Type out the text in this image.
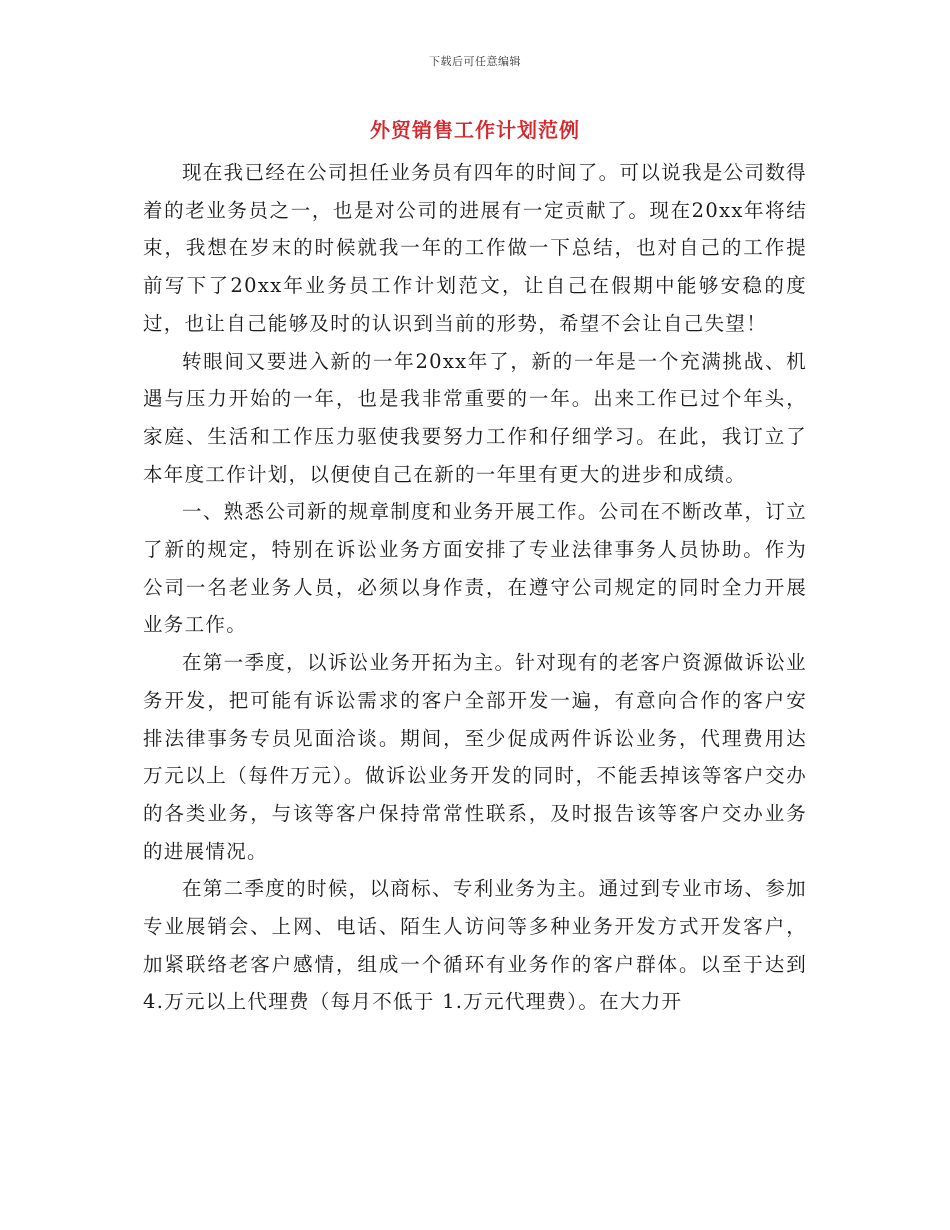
下载后可任意编辑
外贸销售工作计划范例

现在我已经在公司担任业务员有四年的时间了。可以说我是公司数得着的老业务员之一，也是对公司的进展有一定贡献了。现在20xx年将结束，我想在岁末的时候就我一年的工作做一下总结，也对自己的工作提前写下了20xx年业务员工作计划范文，让自己在假期中能够安稳的度过，也让自己能够及时的认识到当前的形势，希望不会让自己失望！

转眼间又要进入新的一年20xx年了，新的一年是一个充满挑战、机遇与压力开始的一年，也是我非常重要的一年。出来工作已过个年头，家庭、生活和工作压力驱使我要努力工作和仔细学习。在此，我订立了本年度工作计划，以便使自己在新的一年里有更大的进步和成绩。

一、熟悉公司新的规章制度和业务开展工作。公司在不断改革，订立了新的规定，特别在诉讼业务方面安排了专业法律事务人员协助。作为公司一名老业务人员，必须以身作责，在遵守公司规定的同时全力开展业务工作。

在第一季度，以诉讼业务开拓为主。针对现有的老客户资源做诉讼业务开发，把可能有诉讼需求的客户全部开发一遍，有意向合作的客户安排法律事务专员见面洽谈。期间，至少促成两件诉讼业务，代理费用达万元以上（每件万元）。做诉讼业务开发的同时，不能丢掉该等客户交办的各类业务，与该等客户保持常常性联系，及时报告该等客户交办业务的进展情况。

在第二季度的时候，以商标、专利业务为主。通过到专业市场、参加专业展销会、上网、电话、陌生人访问等多种业务开发方式开发客户，加紧联络老客户感情，组成一个循环有业务作的客户群体。以至于达到4.万元以上代理费（每月不低于 1.万元代理费）。在大力开
